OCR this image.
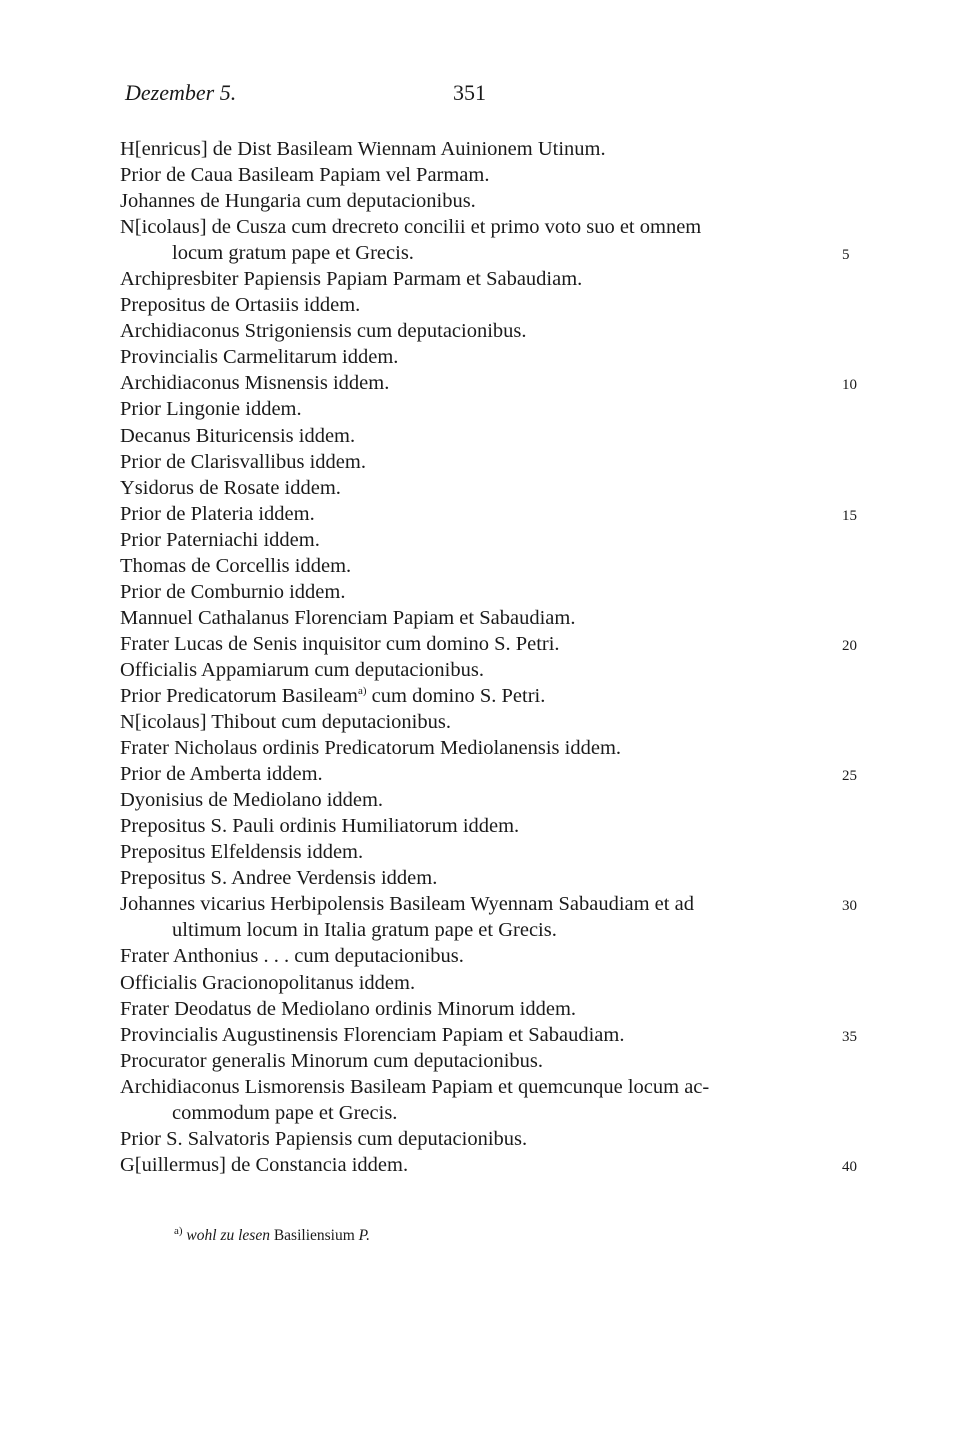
Dezember 5.	351
H[enricus] de Dist Basileam Wiennam Auinionem Utinum.
Prior de Caua Basileam Papiam vel Parmam.
Johannes de Hungaria cum deputacionibus.
N[icolaus] de Cusza cum drecreto concilii et primo voto suo et omnem
locum gratum pape et Grecis.	5
Archipresbiter Papiensis Papiam Parmam et Sabaudiam.
Prepositus de Ortasiis iddem.
Archidiaconus Strigoniensis cum deputacionibus.
Provincialis Carmelitarum iddem.
Archidiaconus Misnensis iddem.	10
Prior Lingonie iddem.
Decanus Bituricensis iddem.
Prior de Clarisvallibus iddem.
Ysidorus de Rosate iddem.
Prior de Plateria iddem.	15
Prior Paterniachi iddem.
Thomas de Corcellis iddem.
Prior de Comburnio iddem.
Mannuel Cathalanus Florenciam Papiam et Sabaudiam.
Frater Lucas de Senis inquisitor cum domino S. Petri.	20
Officialis Appamiarum cum deputacionibus.
Prior Predicatorum Basileam$^{a)}$ cum domino S. Petri.
N[icolaus] Thibout cum deputacionibus.
Frater Nicholaus ordinis Predicatorum Mediolanensis iddem.
Prior de Amberta iddem.	25
Dyonisius de Mediolano iddem.
Prepositus S. Pauli ordinis Humiliatorum iddem.
Prepositus Elfeldensis iddem.
Prepositus S. Andree Verdensis iddem.
Johannes vicarius Herbipolensis Basileam Wyennam Sabaudiam et ad	30
ultimum locum in Italia gratum pape et Grecis.
Frater Anthonius . . . cum deputacionibus.
Officialis Gracionopolitanus iddem.
Frater Deodatus de Mediolano ordinis Minorum iddem.
Provincialis Augustinensis Florenciam Papiam et Sabaudiam.	35
Procurator generalis Minorum cum deputacionibus.
Archidiaconus Lismorensis Basileam Papiam et quemcunque locum ac-
commodum pape et Grecis.
Prior S. Salvatoris Papiensis cum deputacionibus.
G[uillermus] de Constancia iddem.	40
$^{a)}$ wohl zu lesen Basiliensium P.
